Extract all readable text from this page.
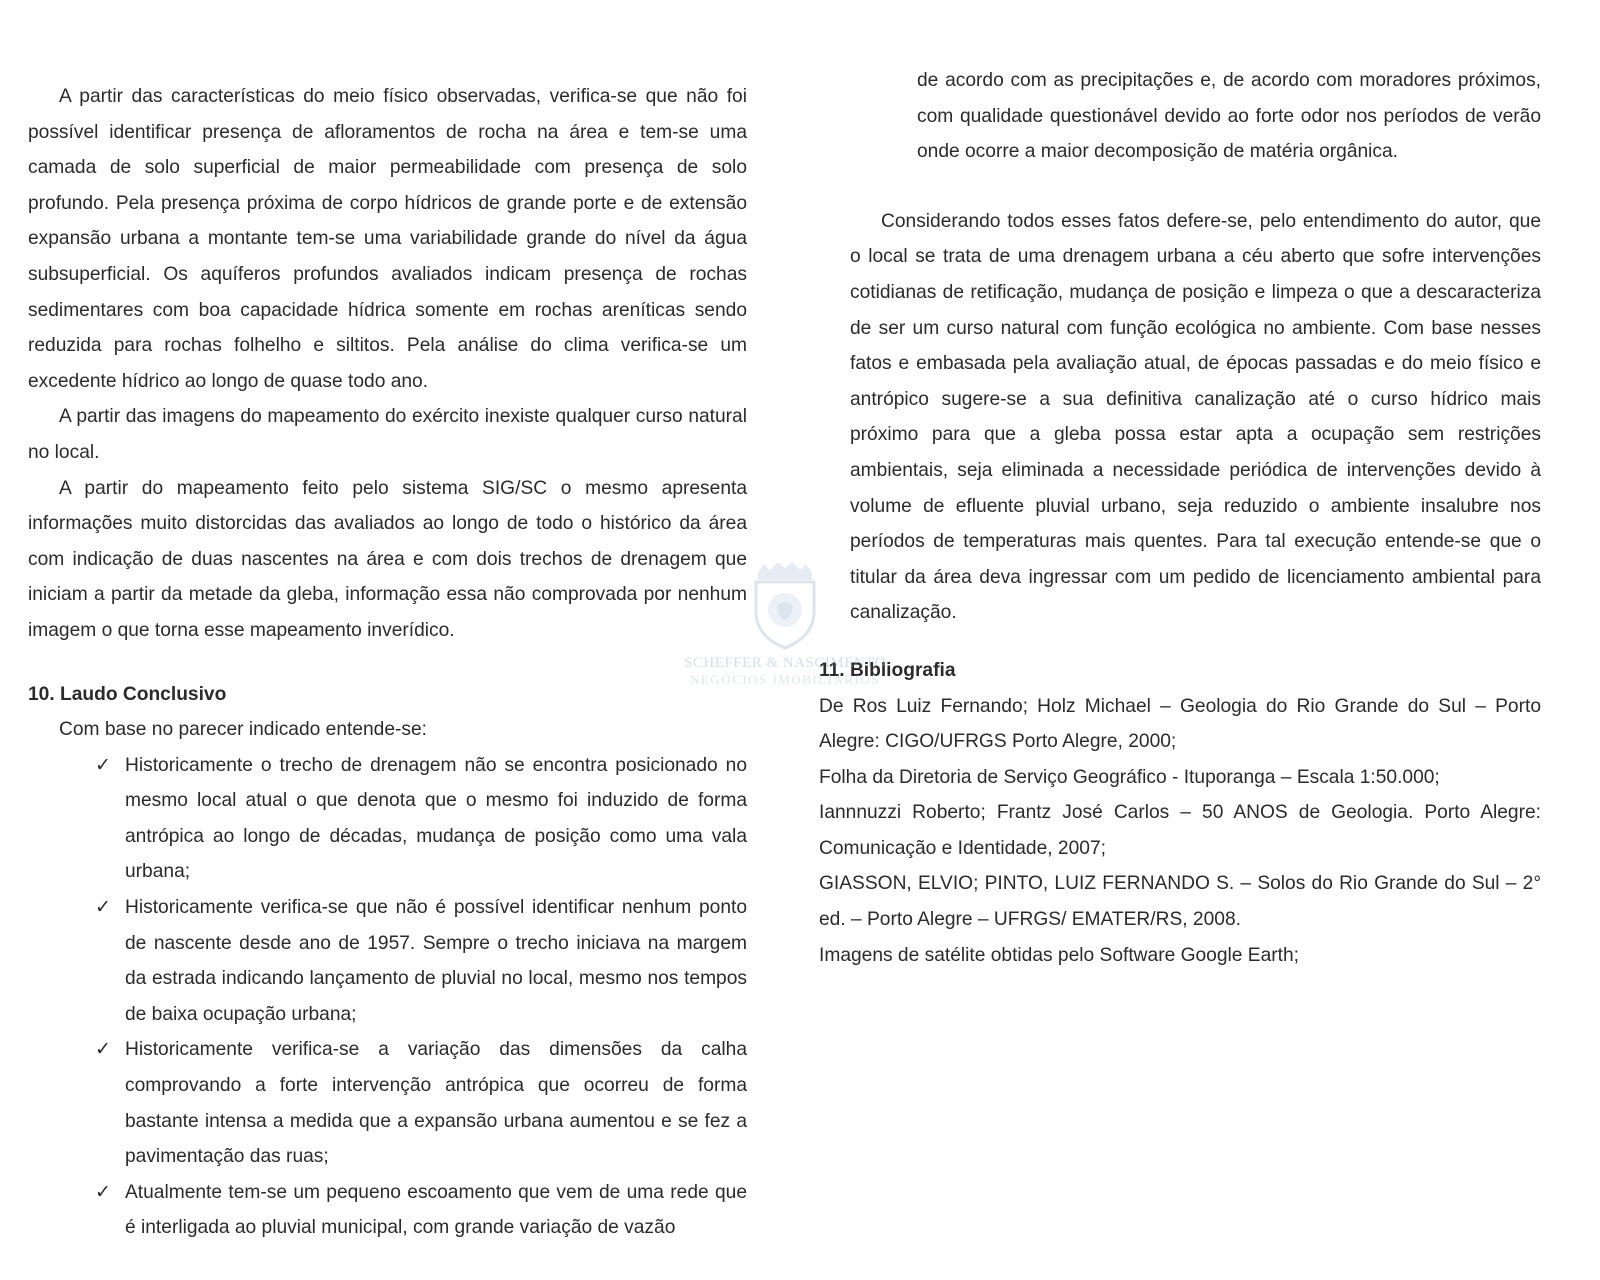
A partir das características do meio físico observadas, verifica-se que não foi possível identificar presença de afloramentos de rocha na área e tem-se uma camada de solo superficial de maior permeabilidade com presença de solo profundo. Pela presença próxima de corpo hídricos de grande porte e de extensão expansão urbana a montante tem-se uma variabilidade grande do nível da água subsuperficial. Os aquíferos profundos avaliados indicam presença de rochas sedimentares com boa capacidade hídrica somente em rochas areníticas sendo reduzida para rochas folhelho e siltitos. Pela análise do clima verifica-se um excedente hídrico ao longo de quase todo ano.

A partir das imagens do mapeamento do exército inexiste qualquer curso natural no local.

A partir do mapeamento feito pelo sistema SIG/SC o mesmo apresenta informações muito distorcidas das avaliados ao longo de todo o histórico da área com indicação de duas nascentes na área e com dois trechos de drenagem que iniciam a partir da metade da gleba, informação essa não comprovada por nenhum imagem o que torna esse mapeamento inverídico.

10. Laudo Conclusivo

Com base no parecer indicado entende-se:

✓ Historicamente o trecho de drenagem não se encontra posicionado no mesmo local atual o que denota que o mesmo foi induzido de forma antrópica ao longo de décadas, mudança de posição como uma vala urbana;
✓ Historicamente verifica-se que não é possível identificar nenhum ponto de nascente desde ano de 1957. Sempre o trecho iniciava na margem da estrada indicando lançamento de pluvial no local, mesmo nos tempos de baixa ocupação urbana;
✓ Historicamente verifica-se a variação das dimensões da calha comprovando a forte intervenção antrópica que ocorreu de forma bastante intensa a medida que a expansão urbana aumentou e se fez a pavimentação das ruas;
✓ Atualmente tem-se um pequeno escoamento que vem de uma rede que é interligada ao pluvial municipal, com grande variação de vazão

de acordo com as precipitações e, de acordo com moradores próximos, com qualidade questionável devido ao forte odor nos períodos de verão onde ocorre a maior decomposição de matéria orgânica.

Considerando todos esses fatos defere-se, pelo entendimento do autor, que o local se trata de uma drenagem urbana a céu aberto que sofre intervenções cotidianas de retificação, mudança de posição e limpeza o que a descaracteriza de ser um curso natural com função ecológica no ambiente. Com base nesses fatos e embasada pela avaliação atual, de épocas passadas e do meio físico e antrópico sugere-se a sua definitiva canalização até o curso hídrico mais próximo para que a gleba possa estar apta a ocupação sem restrições ambientais, seja eliminada a necessidade periódica de intervenções devido à volume de efluente pluvial urbano, seja reduzido o ambiente insalubre nos períodos de temperaturas mais quentes. Para tal execução entende-se que o titular da área deva ingressar com um pedido de licenciamento ambiental para canalização.

11. Bibliografia

De Ros Luiz Fernando; Holz Michael – Geologia do Rio Grande do Sul – Porto Alegre: CIGO/UFRGS Porto Alegre, 2000;

Folha da Diretoria de Serviço Geográfico - Ituporanga – Escala 1:50.000;

Iannnuzzi Roberto; Frantz José Carlos – 50 ANOS de Geologia. Porto Alegre: Comunicação e Identidade, 2007;

GIASSON, ELVIO; PINTO, LUIZ FERNANDO S. – Solos do Rio Grande do Sul – 2° ed. – Porto Alegre – UFRGS/ EMATER/RS, 2008.

Imagens de satélite obtidas pelo Software Google Earth;

SCHEFFER & NASCIMENTO
NEGÓCIOS IMOBILIÁRIOS
